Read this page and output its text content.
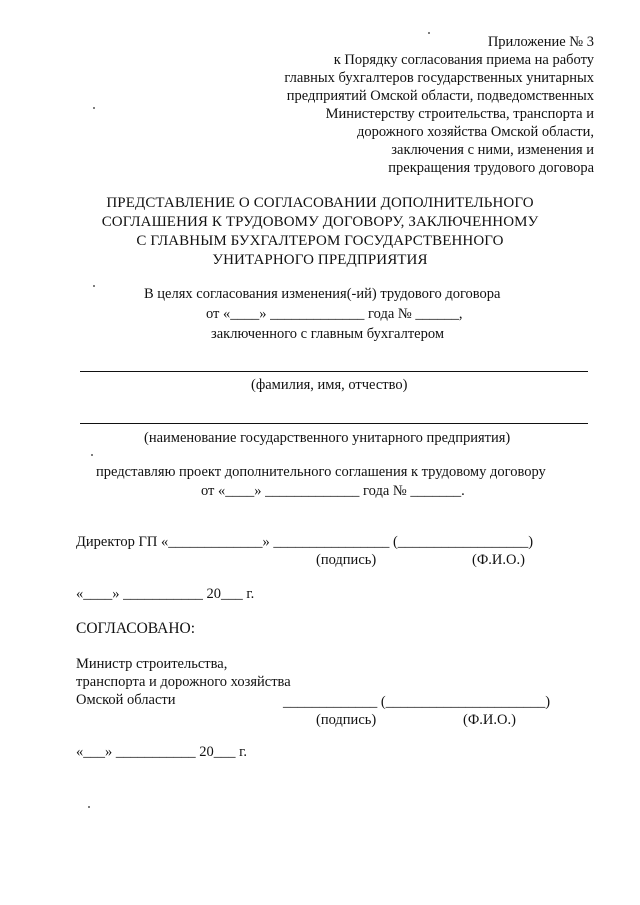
Приложение № 3
к Порядку согласования приема на работу
главных бухгалтеров государственных унитарных
предприятий Омской области, подведомственных
Министерству строительства, транспорта и
дорожного хозяйства Омской области,
заключения с ними, изменения и
прекращения трудового договора
ПРЕДСТАВЛЕНИЕ О СОГЛАСОВАНИИ ДОПОЛНИТЕЛЬНОГО
СОГЛАШЕНИЯ К ТРУДОВОМУ ДОГОВОРУ, ЗАКЛЮЧЕННОМУ
С ГЛАВНЫМ БУХГАЛТЕРОМ ГОСУДАРСТВЕННОГО
УНИТАРНОГО ПРЕДПРИЯТИЯ
В целях согласования изменения(-ий) трудового договора
от «____» _____________ года № ______,
заключенного с главным бухгалтером
(фамилия, имя, отчество)
(наименование государственного унитарного предприятия)
представляю проект дополнительного соглашения к трудовому договору
от «____» _____________ года № _______.
Директор ГП «_____________» ________________ (__________________)
(подпись)	(Ф.И.О.)
«____» ___________ 20___ г.
СОГЛАСОВАНО:
Министр строительства,
транспорта и дорожного хозяйства
Омской области	_____________ (______________________)
(подпись)	(Ф.И.О.)
«___» ___________ 20___ г.
